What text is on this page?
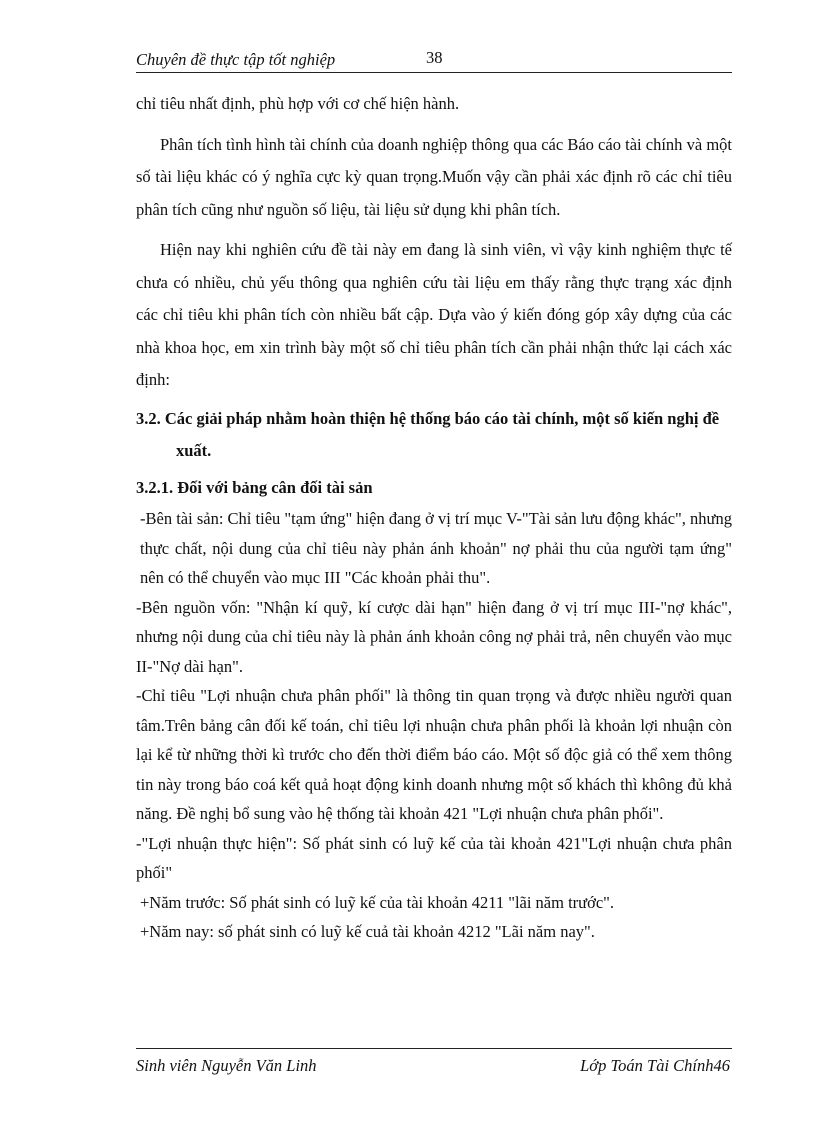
Chuyên đề thực tập tốt nghiệp	38

chỉ tiêu nhất định, phù hợp với cơ chế hiện hành.

Phân tích tình hình tài chính của doanh nghiệp thông qua các Báo cáo tài chính và một số tài liệu khác có ý nghĩa cực kỳ quan trọng.Muốn vậy cần phải xác định rõ các chỉ tiêu phân tích cũng như nguồn số liệu, tài liệu sử dụng khi phân tích.

Hiện nay khi nghiên cứu đề tài này em đang là sinh viên, vì vậy kinh nghiệm thực tế chưa có nhiều, chủ yếu thông qua nghiên cứu tài liệu em thấy rằng thực trạng xác định các chỉ tiêu khi phân tích còn nhiều bất cập. Dựa vào ý kiến đóng góp xây dựng của các nhà khoa học, em xin trình bày một số chỉ tiêu phân tích cần phải nhận thức lại cách xác định:

3.2. Các giải pháp nhằm hoàn thiện hệ thống báo cáo tài chính, một số kiến nghị đề xuất.
3.2.1. Đối với bảng cân đối tài sản

-Bên tài sản: Chỉ tiêu "tạm ứng" hiện đang ở vị trí mục V-"Tài sản lưu động khác", nhưng thực chất, nội dung của chỉ tiêu này phản ánh khoản" nợ phải thu của người tạm ứng" nên có thể chuyển vào mục III "Các khoản phải thu".

-Bên nguồn vốn: "Nhận kí quỹ, kí cược dài hạn" hiện đang ở vị trí mục III-"nợ khác", nhưng nội dung của chỉ tiêu này là phản ánh khoản công nợ phải trả, nên chuyển vào mục II-"Nợ dài hạn".

-Chỉ tiêu "Lợi nhuận chưa phân phối" là thông tin quan trọng và được nhiều người quan tâm.Trên bảng cân đối kế toán, chỉ tiêu lợi nhuận chưa phân phối là khoản lợi nhuận còn lại kể từ những thời kì trước cho đến thời điểm báo cáo. Một số độc giả có thể xem thông tin này trong báo coá kết quả hoạt động kinh doanh nhưng một số khách thì không đủ khả năng. Đề nghị bổ sung vào hệ thống tài khoản 421 "Lợi nhuận chưa phân phối".

-"Lợi nhuận thực hiện": Số phát sinh có luỹ kế của tài khoản 421"Lợi nhuận chưa phân phối"

+Năm trước: Số phát sinh có luỹ kế của tài khoản 4211 "lãi năm trước".

+Năm nay: số phát sinh có luỹ kế cuả tài khoản 4212 "Lãi năm nay".

Sinh viên Nguyễn Văn Linh	Lớp Toán Tài Chính46
